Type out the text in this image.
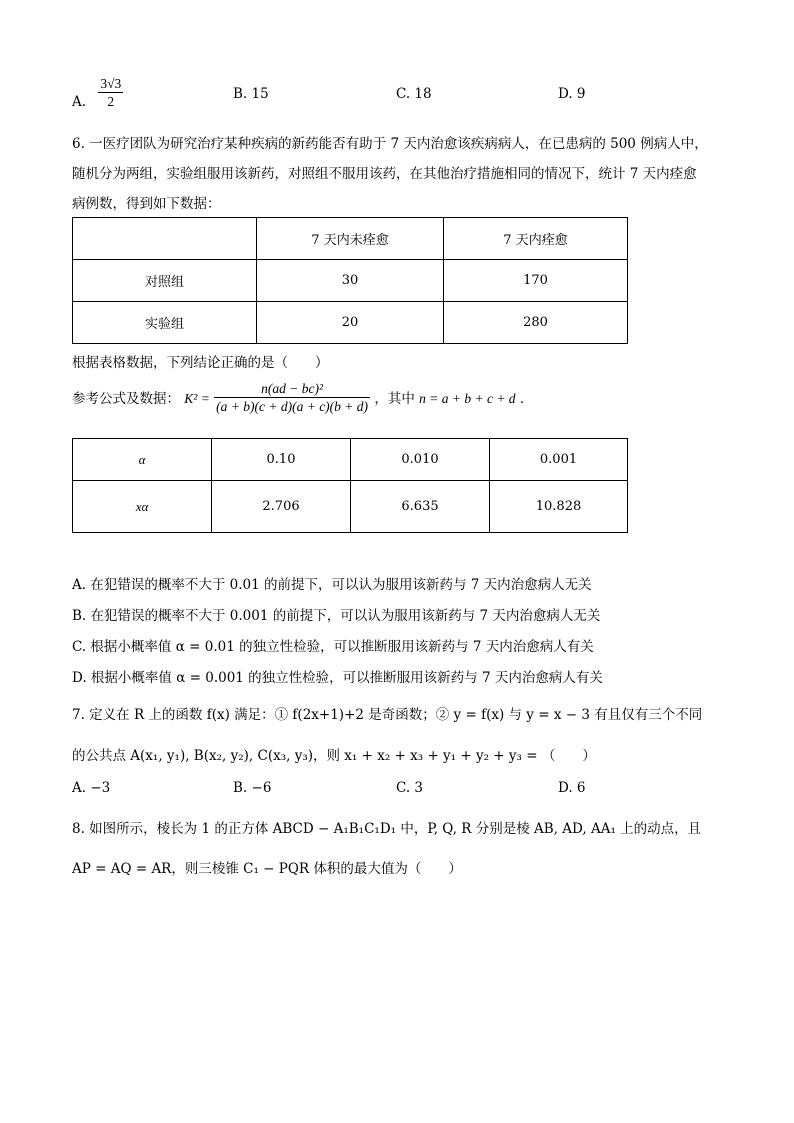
A. $\frac{3√3}{2}$	B. 15	C. 18	D. 9
6. 一医疗团队为研究治疗某种疾病的新药能否有助于 7 天内治愈该疾病病人，在已患病的 500 例病人中，
随机分为两组，实验组服用该新药，对照组不服用该药，在其他治疗措施相同的情况下，统计 7 天内痊愈
病例数，得到如下数据：
	7 天内未痊愈	7 天内痊愈
对照组	30	170
实验组	20	280
根据表格数据，下列结论正确的是（　　）
参考公式及数据： $K^2 = \frac{\text{n(ad − bc)²}}{(a + b)(c + d)(a + c)(b + d)}$ ，其中 n = a + b + c + d ．
α	0.10	0.010	0.001
xα	2.706	6.635	10.828
A. 在犯错误的概率不大于 0.01 的前提下，可以认为服用该新药与 7 天内治愈病人无关
B. 在犯错误的概率不大于 0.001 的前提下，可以认为服用该新药与 7 天内治愈病人无关
C. 根据小概率值 α = 0.01 的独立性检验，可以推断服用该新药与 7 天内治愈病人有关
D. 根据小概率值 α = 0.001 的独立性检验，可以推断服用该新药与 7 天内治愈病人有关
7. 定义在 R 上的函数 f(x) 满足：① f(2x+1)+2 是奇函数；② y = f(x) 与 y = x − 3 有且仅有三个不同
的公共点 A(x₁, y₁), B(x₂, y₂), C(x₃, y₃)，则 x₁ + x₂ + x₃ + y₁ + y₂ + y₃ = （　　）
A. −3	B. −6	C. 3	D. 6
8. 如图所示，棱长为 1 的正方体 ABCD − A₁B₁C₁D₁ 中，P, Q, R 分别是棱 AB, AD, AA₁ 上的动点，且
AP = AQ = AR，则三棱锥 C₁ − PQR 体积的最大值为（　　）
